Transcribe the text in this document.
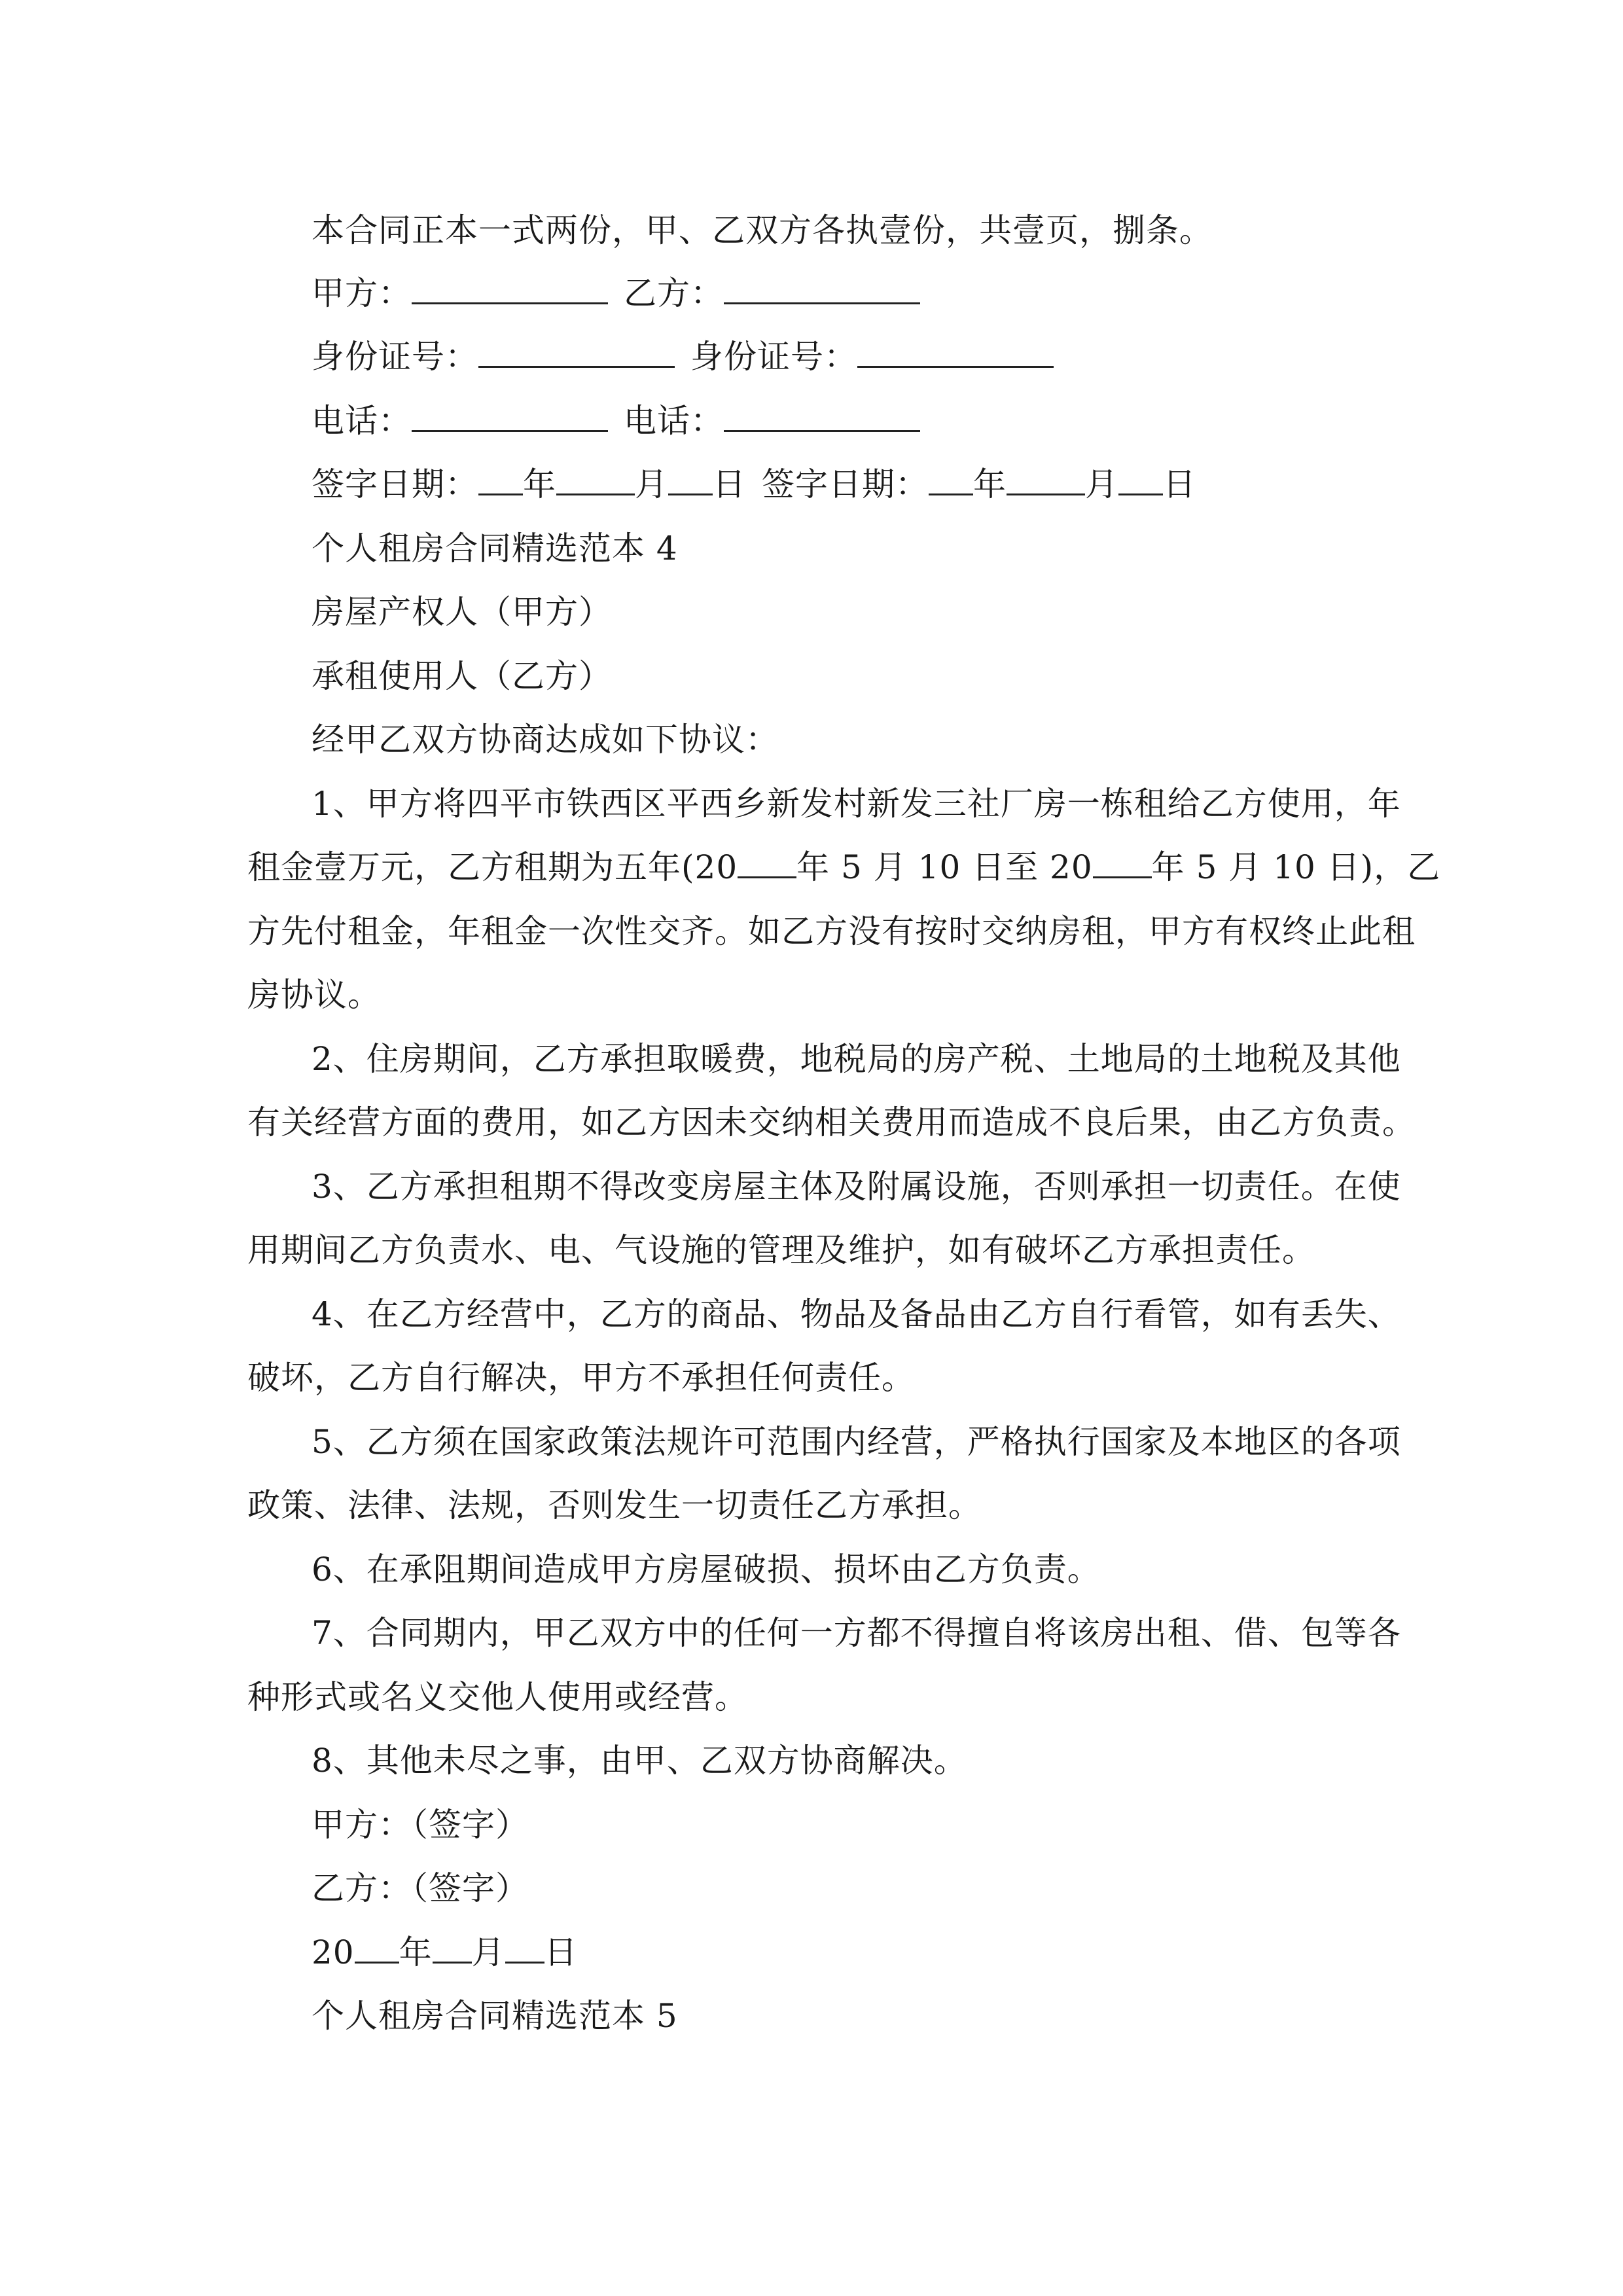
本合同正本一式两份，甲、乙双方各执壹份，共壹页，捌条。
甲方：	乙方：
身份证号：	身份证号：
电话：	电话：
签字日期： 年 月 日 签字日期： 年 月 日
个人租房合同精选范本 4
房屋产权人（甲方）
承租使用人（乙方）
经甲乙双方协商达成如下协议：
1、甲方将四平市铁西区平西乡新发村新发三社厂房一栋租给乙方使用，年
租金壹万元，乙方租期为五年(20 年 5 月 10 日至 20 年 5 月 10 日)，乙
方先付租金，年租金一次性交齐。如乙方没有按时交纳房租，甲方有权终止此租
房协议。
2、住房期间，乙方承担取暖费，地税局的房产税、土地局的土地税及其他
有关经营方面的费用，如乙方因未交纳相关费用而造成不良后果，由乙方负责。
3、乙方承担租期不得改变房屋主体及附属设施，否则承担一切责任。在使
用期间乙方负责水、电、气设施的管理及维护，如有破坏乙方承担责任。
4、在乙方经营中，乙方的商品、物品及备品由乙方自行看管，如有丢失、
破坏，乙方自行解决，甲方不承担任何责任。
5、乙方须在国家政策法规许可范围内经营，严格执行国家及本地区的各项
政策、法律、法规，否则发生一切责任乙方承担。
6、在承阻期间造成甲方房屋破损、损坏由乙方负责。
7、合同期内，甲乙双方中的任何一方都不得擅自将该房出租、借、包等各
种形式或名义交他人使用或经营。
8、其他未尽之事，由甲、乙双方协商解决。
甲方：（签字）
乙方：（签字）
20 年 月 日
个人租房合同精选范本 5
